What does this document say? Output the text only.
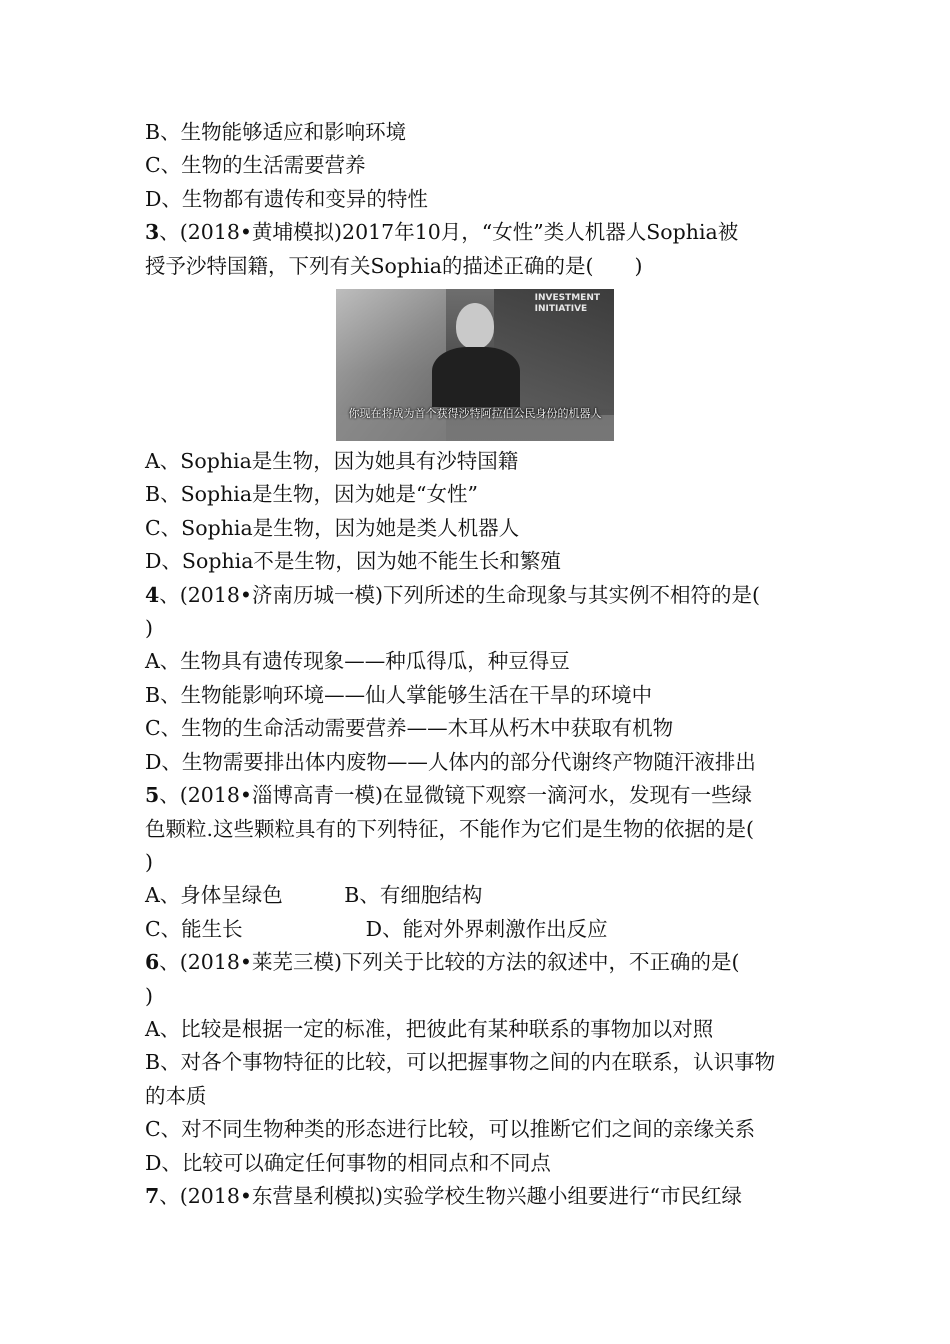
B、生物能够适应和影响环境

C、生物的生活需要营养

D、生物都有遗传和变异的特性

3、(2018•黄埔模拟)2017年10月，“女性”类人机器人Sophia被

授予沙特国籍，下列有关Sophia的描述正确的是(　　)

INVESTMENT
INITIATIVE
你现在将成为首个获得沙特阿拉伯公民身份的机器人

A、Sophia是生物，因为她具有沙特国籍

B、Sophia是生物，因为她是“女性”

C、Sophia是生物，因为她是类人机器人

D、Sophia不是生物，因为她不能生长和繁殖

4、(2018•济南历城一模)下列所述的生命现象与其实例不相符的是(

)

A、生物具有遗传现象——种瓜得瓜，种豆得豆

B、生物能影响环境——仙人掌能够生活在干旱的环境中

C、生物的生命活动需要营养——木耳从朽木中获取有机物

D、生物需要排出体内废物——人体内的部分代谢终产物随汗液排出

5、(2018•淄博高青一模)在显微镜下观察一滴河水，发现有一些绿

色颗粒.这些颗粒具有的下列特征，不能作为它们是生物的依据的是(

)

A、身体呈绿色　　　B、有细胞结构

C、能生长　　　　　　D、能对外界刺激作出反应

6、(2018•莱芜三模)下列关于比较的方法的叙述中，不正确的是(

)

A、比较是根据一定的标准，把彼此有某种联系的事物加以对照

B、对各个事物特征的比较，可以把握事物之间的内在联系，认识事物

的本质

C、对不同生物种类的形态进行比较，可以推断它们之间的亲缘关系

D、比较可以确定任何事物的相同点和不同点

7、(2018•东营垦利模拟)实验学校生物兴趣小组要进行“市民红绿
